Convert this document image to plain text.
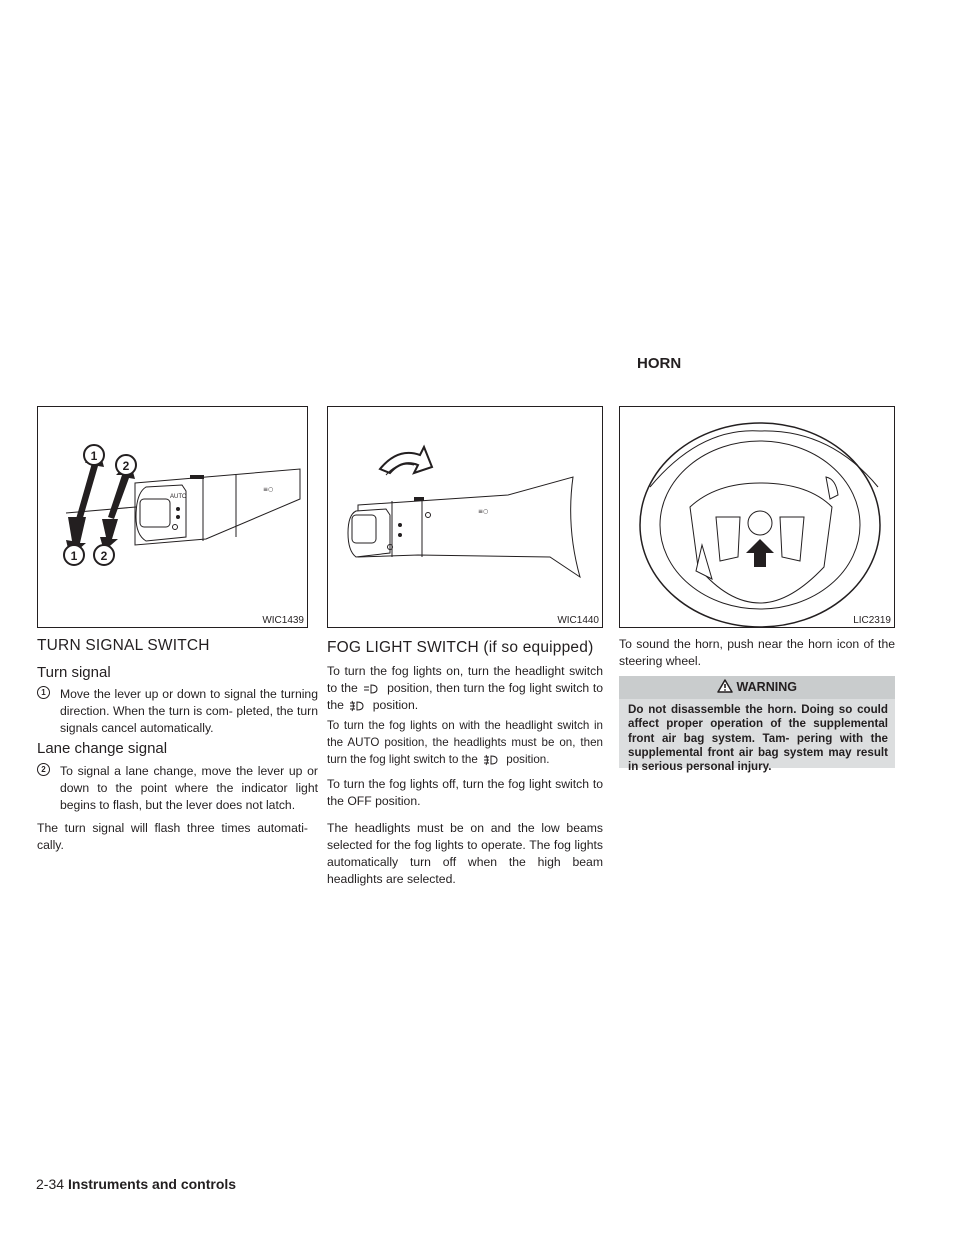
HORN
AUTO
≡○
1
2
1 2
WIC1439
≡○
WIC1440	LIC2319
TURN SIGNAL SWITCH
Turn signal
1	Move the lever up or down to signal the turning direction. When the turn is com- pleted, the turn signals cancel automatically.
Lane change signal
2	To signal a lane change, move the lever up or down to the point where the indicator light begins to flash, but the lever does not latch.
The turn signal will flash three times automati- cally.
FOG LIGHT SWITCH (if so equipped)
To turn the fog lights on, turn the headlight switch to the position, then turn the fog light switch to the position.
To turn the fog lights on with the headlight switch in the AUTO position, the headlights must be on, then turn the fog light switch to the position.
To turn the fog lights off, turn the fog light switch to the OFF position.
The headlights must be on and the low beams selected for the fog lights to operate. The fog lights automatically turn off when the high beam headlights are selected.
To sound the horn, push near the horn icon of the steering wheel.
WARNING
Do not disassemble the horn. Doing so could affect proper operation of the supplemental front air bag system. Tam- pering with the supplemental front air bag system may result in serious personal injury.
2-34 Instruments and controls
